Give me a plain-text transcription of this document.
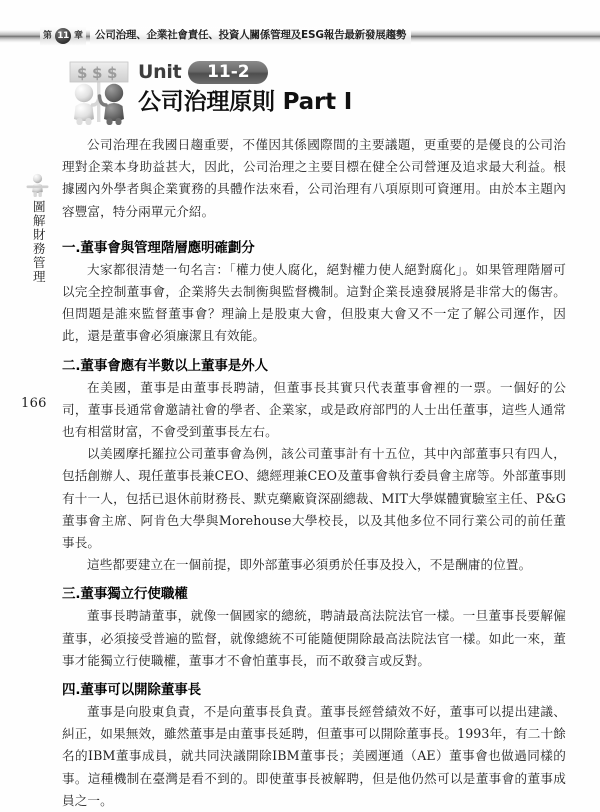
第 11 章	公司治理、企業社會責任、投資人關係管理及ESG報告最新發展趨勢
$ $ $ Unit	11-2
公司治理原則 Part I
圖解財務管理
166

公司治理在我國日趨重要，不僅因其係國際間的主要議題，更重要的是優良的公司治理對企業本身助益甚大，因此，公司治理之主要目標在健全公司營運及追求最大利益。根據國內外學者與企業實務的具體作法來看，公司治理有八項原則可資運用。由於本主題內容豐富，特分兩單元介紹。

一.董事會與管理階層應明確劃分

大家都很清楚一句名言：「權力使人腐化，絕對權力使人絕對腐化」。如果管理階層可以完全控制董事會，企業將失去制衡與監督機制。這對企業長遠發展將是非常大的傷害。但問題是誰來監督董事會？理論上是股東大會，但股東大會又不一定了解公司運作，因此，還是董事會必須廉潔且有效能。

二.董事會應有半數以上董事是外人

在美國，董事是由董事長聘請，但董事長其實只代表董事會裡的一票。一個好的公司，董事長通常會邀請社會的學者、企業家，或是政府部門的人士出任董事，這些人通常也有相當財富，不會受到董事長左右。

以美國摩托羅拉公司董事會為例，該公司董事計有十五位，其中內部董事只有四人，包括創辦人、現任董事長兼CEO、總經理兼CEO及董事會執行委員會主席等。外部董事則有十一人，包括已退休前財務長、默克藥廠資深副總裁、MIT大學媒體實驗室主任、P&G董事會主席、阿肯色大學與Morehouse大學校長，以及其他多位不同行業公司的前任董事長。

這些都要建立在一個前提，即外部董事必須勇於任事及投入，不是酬庸的位置。

三.董事獨立行使職權

董事長聘請董事，就像一個國家的總統，聘請最高法院法官一樣。一旦董事長要解僱董事，必須接受普遍的監督，就像總統不可能隨便開除最高法院法官一樣。如此一來，董事才能獨立行使職權，董事才不會怕董事長，而不敢發言或反對。

四.董事可以開除董事長

董事是向股東負責，不是向董事長負責。董事長經營績效不好，董事可以提出建議、糾正，如果無效，雖然董事是由董事長延聘，但董事可以開除董事長。1993年，有二十餘名的IBM董事成員，就共同決議開除IBM董事長；美國運通（AE）董事會也做過同樣的事。這種機制在臺灣是看不到的。即使董事長被解聘，但是他仍然可以是董事會的董事成員之一。
